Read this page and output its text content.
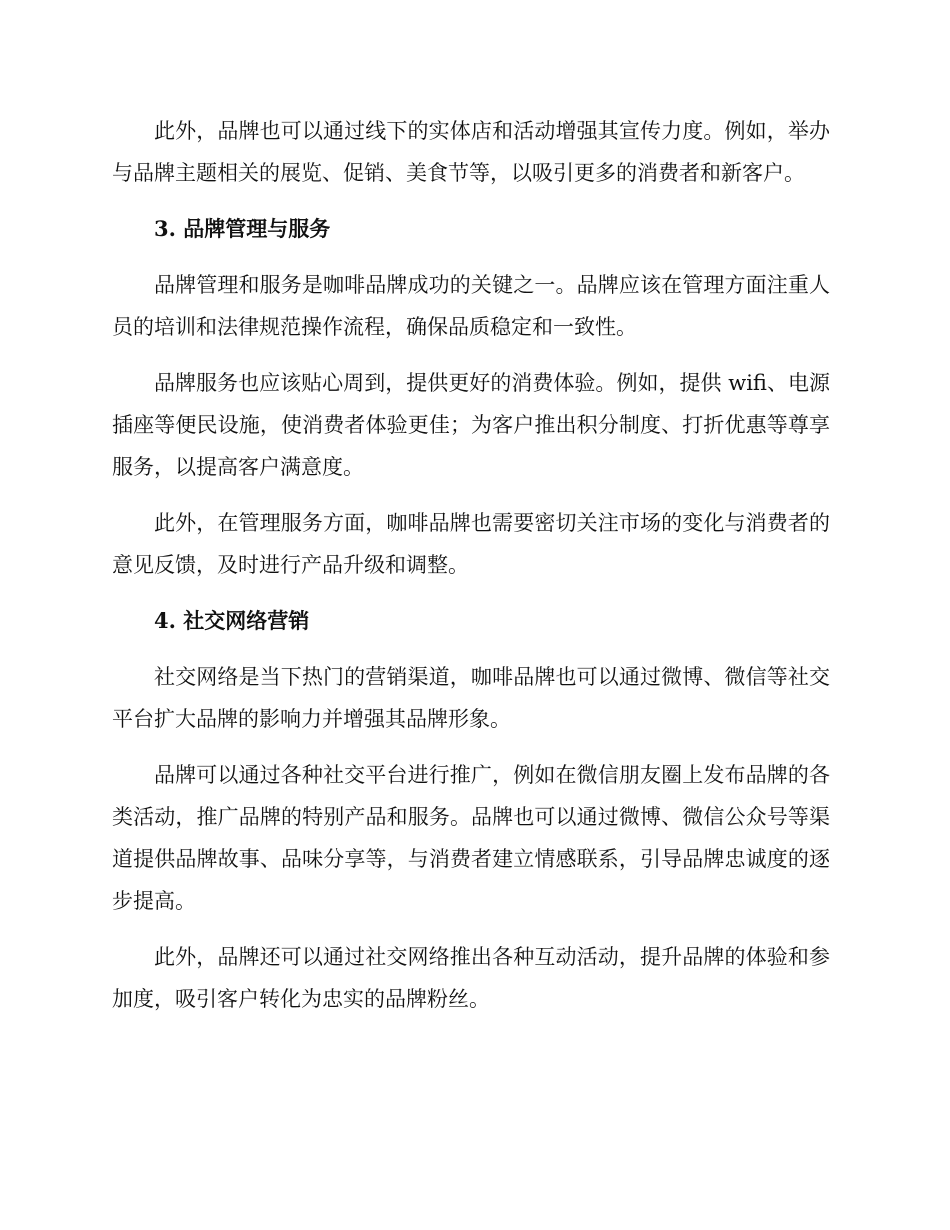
此外，品牌也可以通过线下的实体店和活动增强其宣传力度。例如，举办与品牌主题相关的展览、促销、美食节等，以吸引更多的消费者和新客户。

3. 品牌管理与服务

品牌管理和服务是咖啡品牌成功的关键之一。品牌应该在管理方面注重人员的培训和法律规范操作流程，确保品质稳定和一致性。

品牌服务也应该贴心周到，提供更好的消费体验。例如，提供 wifi、电源插座等便民设施，使消费者体验更佳；为客户推出积分制度、打折优惠等尊享服务，以提高客户满意度。

此外，在管理服务方面，咖啡品牌也需要密切关注市场的变化与消费者的意见反馈，及时进行产品升级和调整。

4. 社交网络营销

社交网络是当下热门的营销渠道，咖啡品牌也可以通过微博、微信等社交平台扩大品牌的影响力并增强其品牌形象。

品牌可以通过各种社交平台进行推广，例如在微信朋友圈上发布品牌的各类活动，推广品牌的特别产品和服务。品牌也可以通过微博、微信公众号等渠道提供品牌故事、品味分享等，与消费者建立情感联系，引导品牌忠诚度的逐步提高。

此外，品牌还可以通过社交网络推出各种互动活动，提升品牌的体验和参加度，吸引客户转化为忠实的品牌粉丝。
